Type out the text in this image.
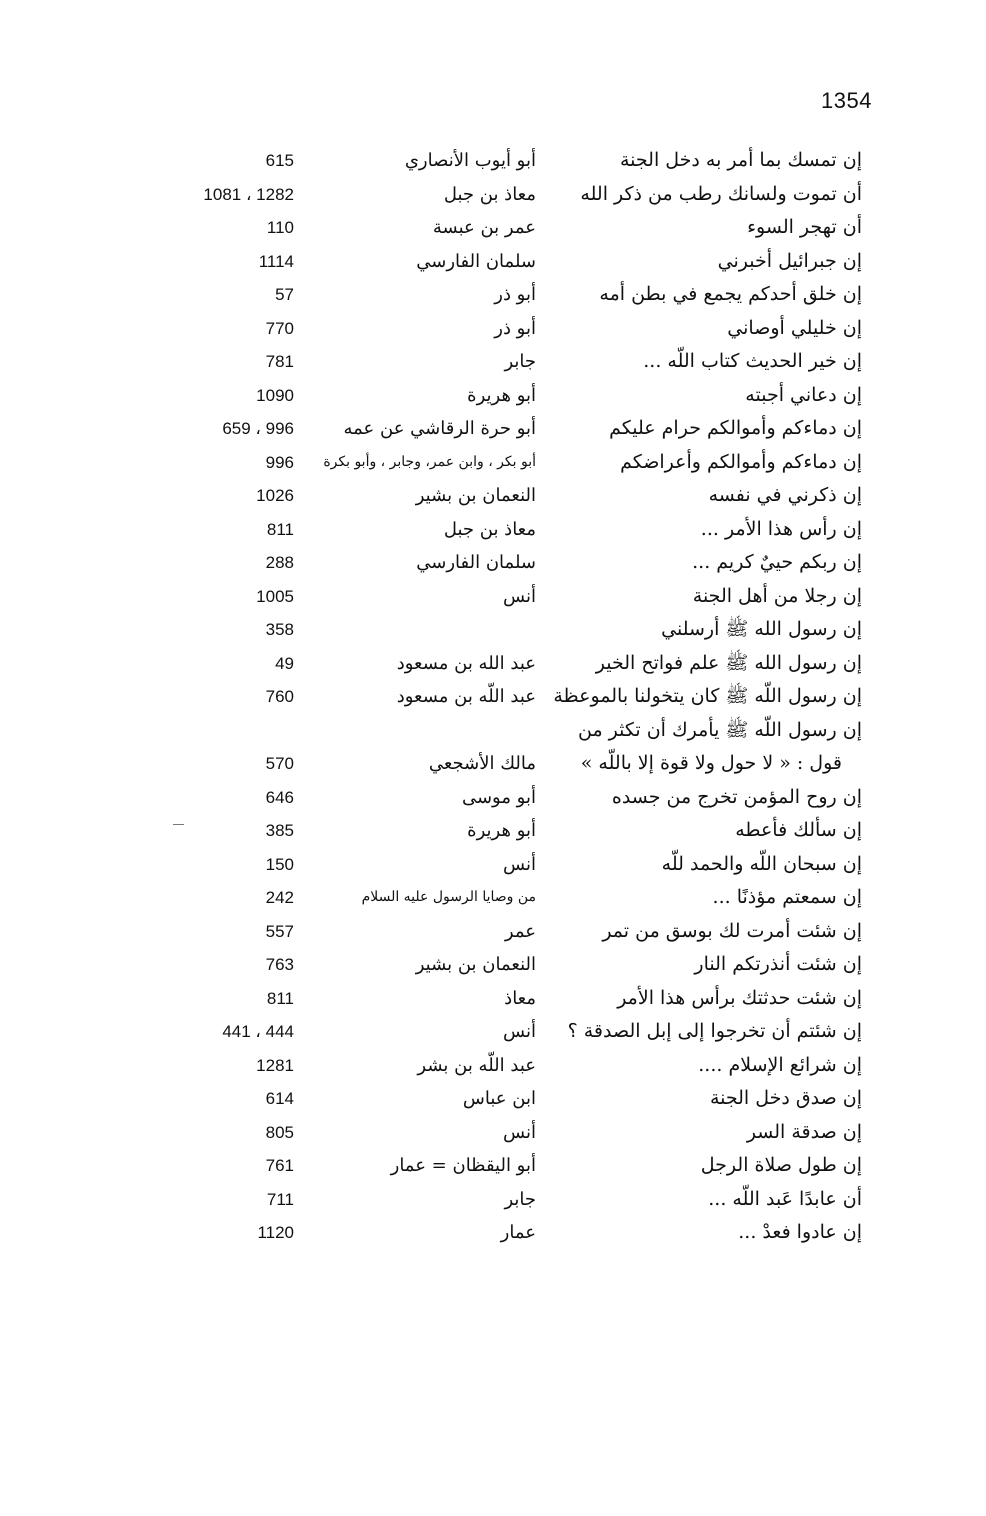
1354
إن تمسك بما أمر به دخل الجنة
أبو أيوب الأنصاري
615
أن تموت ولسانك رطب من ذكر الله
معاذ بن جبل
1081 ، 1282
أن تهجر السوء
عمر بن عبسة
110
إن جبرائيل أخبرني
سلمان الفارسي
1114
إن خلق أحدكم يجمع في بطن أمه
أبو ذر
57
إن خليلي أوصاني
أبو ذر
770
إن خير الحديث كتاب اللّه ...
جابر
781
إن دعاني أجبته
أبو هريرة
1090
إن دماءكم وأموالكم حرام عليكم
أبو حرة الرقاشي عن عمه
659 ، 996
إن دماءكم وأموالكم وأعراضكم
أبو بكر ، وابن عمر، وجابر ، وأبو بكرة
996
إن ذكرني في نفسه
النعمان بن بشير
1026
إن رأس هذا الأمر ...
معاذ بن جبل
811
إن ربكم حييٌ كريم ...
سلمان الفارسي
288
إن رجلا من أهل الجنة
أنس
1005
إن رسول الله ﷺ أرسلني
358
إن رسول الله ﷺ علم فواتح الخير
عبد الله بن مسعود
49
إن رسول اللّه ﷺ كان يتخولنا بالموعظة
عبد اللّه بن مسعود
760
إن رسول اللّه ﷺ يأمرك أن تكثر من
قول : « لا حول ولا قوة إلا باللّه »
مالك الأشجعي
570
إن روح المؤمن تخرج من جسده
أبو موسى
646
إن سألك فأعطه
أبو هريرة
385
إن سبحان اللّه والحمد للّه
أنس
150
إن سمعتم مؤذنًا ...
من وصايا الرسول عليه السلام
242
إن شئت أمرت لك بوسق من تمر
عمر
557
إن شئت أنذرتكم النار
النعمان بن بشير
763
إن شئت حدثتك برأس هذا الأمر
معاذ
811
إن شئتم أن تخرجوا إلى إبل الصدقة ؟
أنس
441 ، 444
إن شرائع الإسلام ....
عبد اللّه بن بشر
1281
إن صدق دخل الجنة
ابن عباس
614
إن صدقة السر
أنس
805
إن طول صلاة الرجل
أبو اليقظان = عمار
761
أن عابدًا عَبد اللّه ...
جابر
711
إن عادوا فعدْ ...
عمار
1120
